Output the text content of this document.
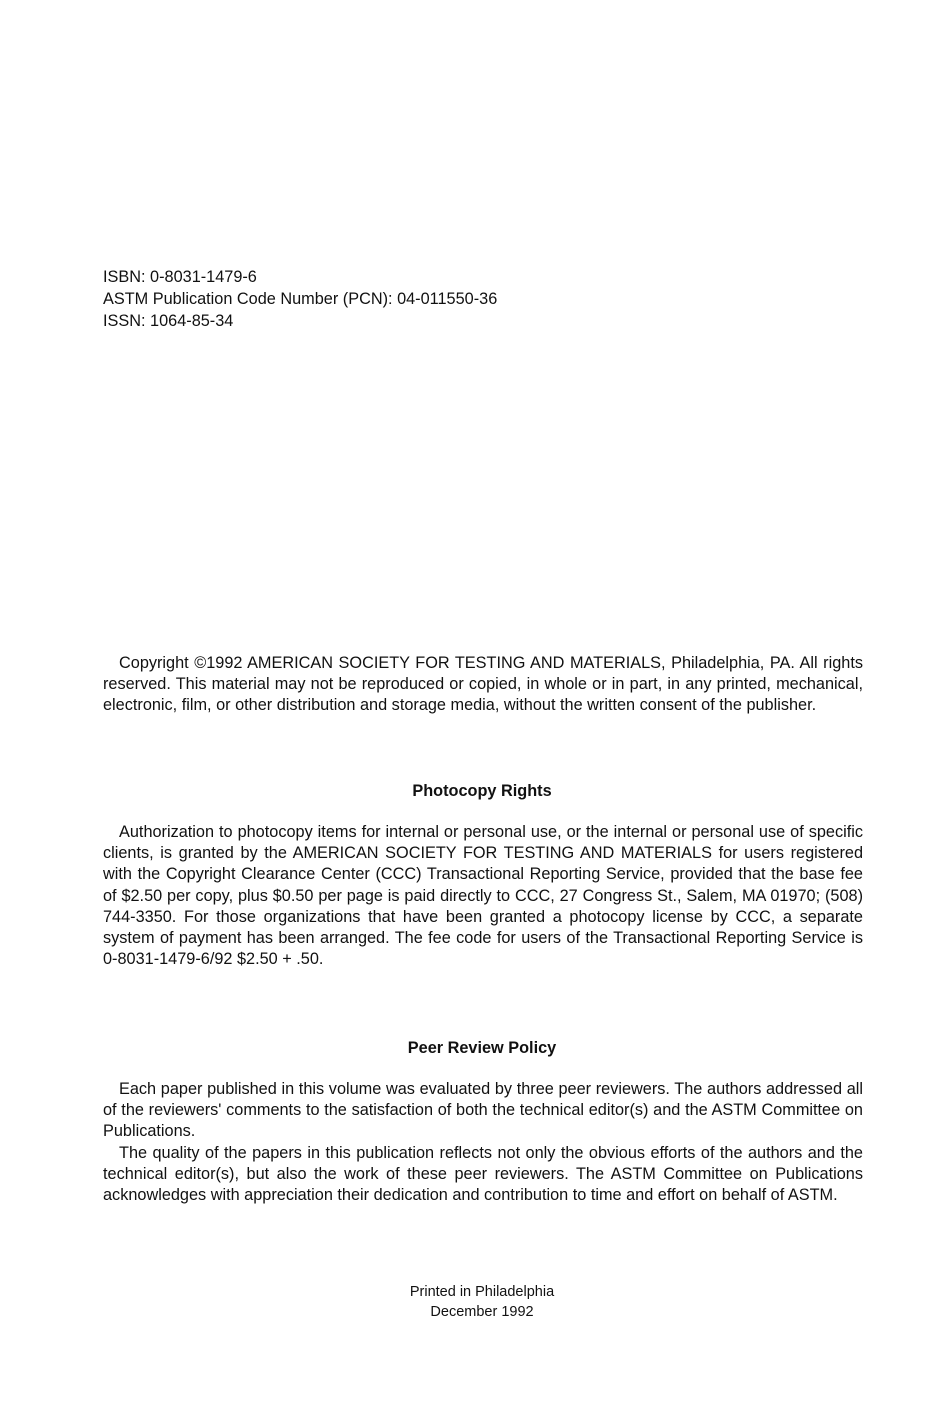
ISBN: 0-8031-1479-6
ASTM Publication Code Number (PCN): 04-011550-36
ISSN: 1064-85-34

Copyright ©1992 AMERICAN SOCIETY FOR TESTING AND MATERIALS, Philadelphia, PA. All rights reserved. This material may not be reproduced or copied, in whole or in part, in any printed, mechanical, electronic, film, or other distribution and storage media, without the written consent of the publisher.

Photocopy Rights

Authorization to photocopy items for internal or personal use, or the internal or personal use of specific clients, is granted by the AMERICAN SOCIETY FOR TESTING AND MATERIALS for users registered with the Copyright Clearance Center (CCC) Transactional Reporting Service, provided that the base fee of $2.50 per copy, plus $0.50 per page is paid directly to CCC, 27 Congress St., Salem, MA 01970; (508) 744-3350. For those organizations that have been granted a photocopy license by CCC, a separate system of payment has been arranged. The fee code for users of the Transactional Reporting Service is 0-8031-1479-6/92 $2.50 + .50.

Peer Review Policy

Each paper published in this volume was evaluated by three peer reviewers. The authors addressed all of the reviewers' comments to the satisfaction of both the technical editor(s) and the ASTM Committee on Publications.

The quality of the papers in this publication reflects not only the obvious efforts of the authors and the technical editor(s), but also the work of these peer reviewers. The ASTM Committee on Publications acknowledges with appreciation their dedication and contribution to time and effort on behalf of ASTM.

Printed in Philadelphia
December 1992
